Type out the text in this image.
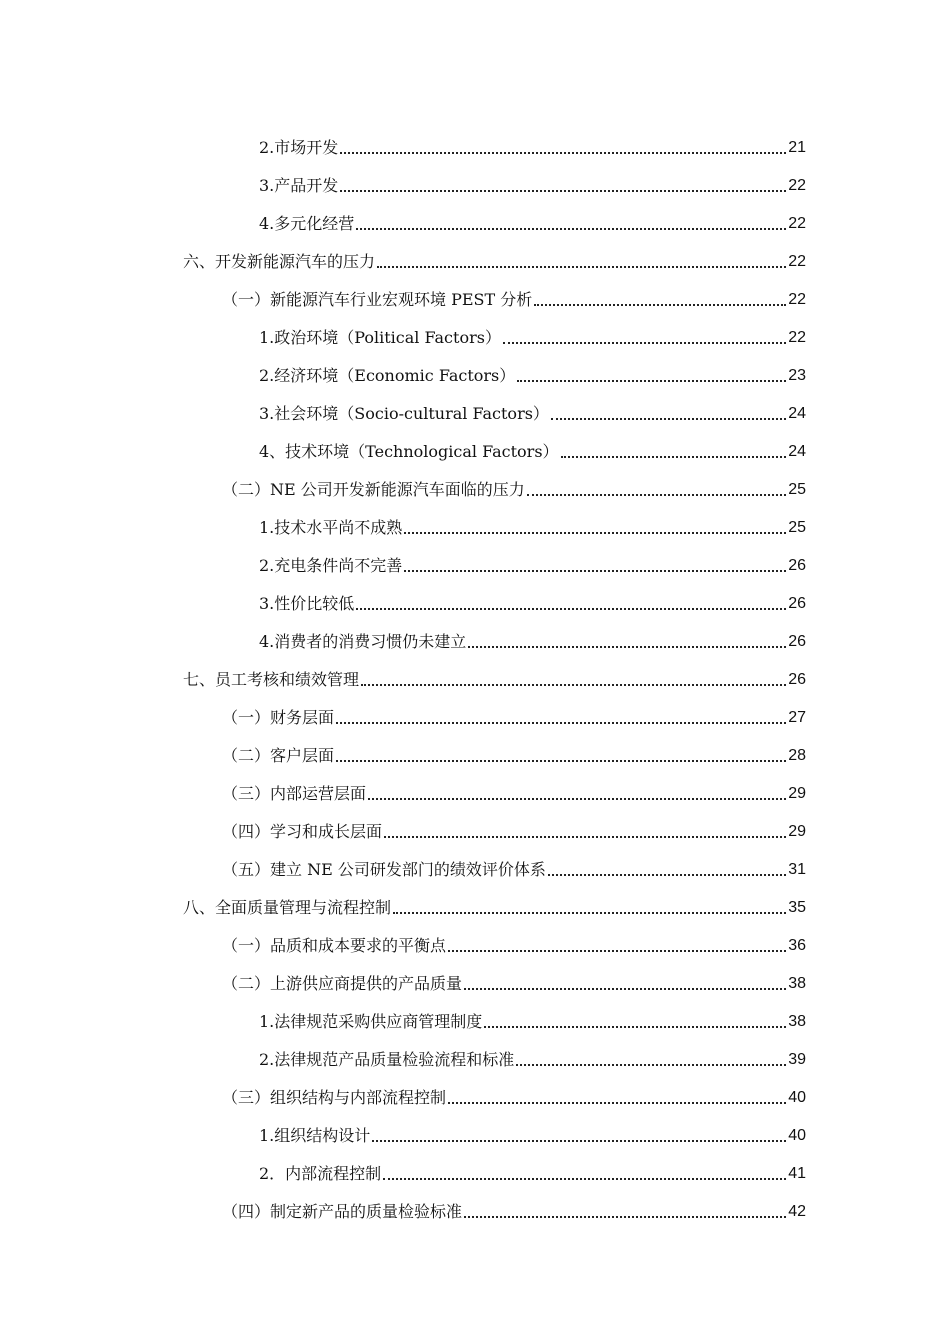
2.市场开发	21
3.产品开发	22
4.多元化经营	22
六、开发新能源汽车的压力	22
（一）新能源汽车行业宏观环境 PEST 分析	22
1.政治环境（Political Factors）	22
2.经济环境（Economic Factors）	23
3.社会环境（Socio-cultural Factors）	24
4、技术环境（Technological Factors）	24
（二）NE 公司开发新能源汽车面临的压力	25
1.技术水平尚不成熟	25
2.充电条件尚不完善	26
3.性价比较低	26
4.消费者的消费习惯仍未建立	26
七、员工考核和绩效管理	26
（一）财务层面	27
（二）客户层面	28
（三）内部运营层面	29
（四）学习和成长层面	29
（五）建立 NE 公司研发部门的绩效评价体系	31
八、全面质量管理与流程控制	35
（一）品质和成本要求的平衡点	36
（二）上游供应商提供的产品质量	38
1.法律规范采购供应商管理制度	38
2.法律规范产品质量检验流程和标准	39
（三）组织结构与内部流程控制	40
1.组织结构设计	40
2．内部流程控制	41
（四）制定新产品的质量检验标准	42
